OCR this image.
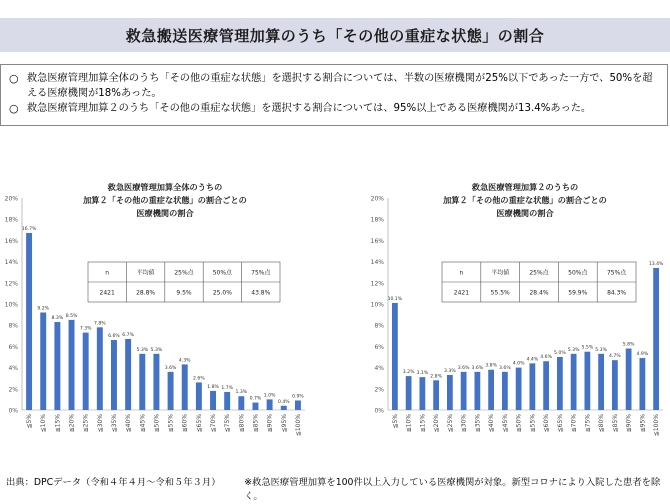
救急搬送医療管理加算のうち「その他の重症な状態」の割合
○ 救急医療管理加算全体のうち「その他の重症な状態」を選択する割合については、半数の医療機関が25%以下であった一方で、50%を超える医療機関が18%あった。
○ 救急医療管理加算２のうち「その他の重症な状態」を選択する割合については、95%以上である医療機関が13.4%あった。
救急医療管理加算全体のうちの
加算２「その他の重症な状態」の割合ごとの
医療機関の割合
0%
2%
4%
6%
8%
10%
12%
14%
16%
18%
20%
16.7%
≦5%
9.2%
≦10%
8.3%
≦15%
8.5%
≦20%
7.3%
≦25%
7.8%
≦30%
6.6%
≦35%
6.7%
≦40%
5.3%
≦45%
5.3%
≦50%
3.6%
≦55%
4.3%
≦60%
2.6%
≦65%
1.8%
≦70%
1.7%
≦75%
1.3%
≦80%
0.7%
≦85%
1.0%
≦90%
0.4%
≦95%
0.9%
≦100%
n	平均値	25%点	50%点	75%点
2421	28.8%	9.5%	25.0%	43.8%
救急医療管理加算２のうちの
加算２「その他の重症な状態」の割合ごとの
医療機関の割合
0%
2%
4%
6%
8%
10%
12%
14%
16%
18%
20%
10.1%
≦5%
3.2%
≦10%
3.1%
≦15%
2.8%
≦20%
3.3%
≦25%
3.6%
≦30%
3.6%
≦35%
3.8%
≦40%
3.6%
≦45%
4.0%
≦50%
4.4%
≦55%
4.6%
≦60%
5.0%
≦65%
5.3%
≦70%
5.5%
≦75%
5.3%
≦80%
4.7%
≦85%
5.8%
≦90%
4.9%
≦95%
13.4%
≦100%
n	平均値	25%点	50%点	75%点
2421	55.5%	28.4%	59.9%	84.3%
出典：DPCデータ（令和４年４月～令和５年３月）	※救急医療管理加算を100件以上入力している医療機関が対象。新型コロナにより入院した患者を除く。
